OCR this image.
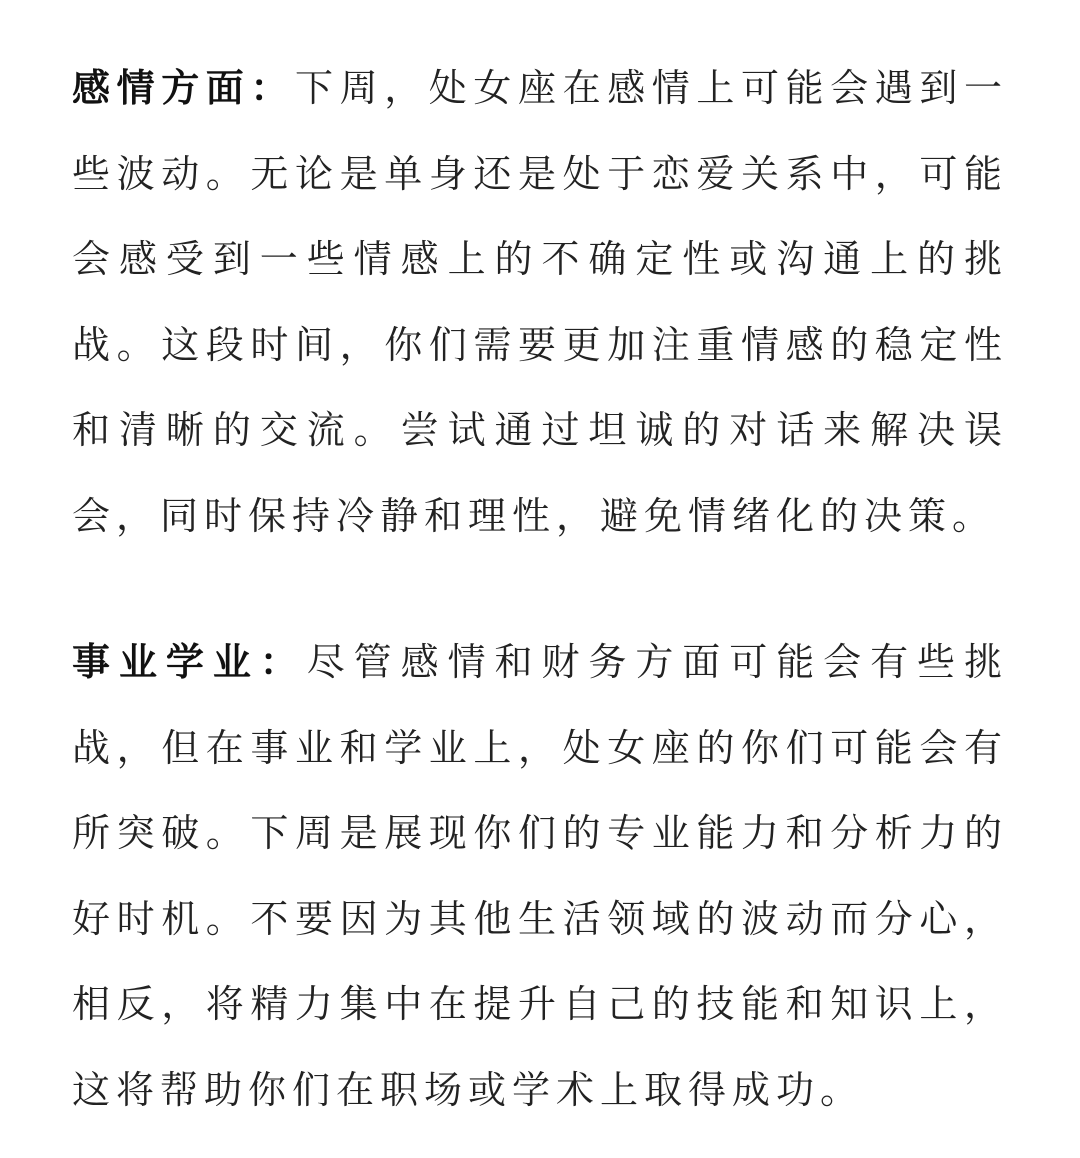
感情方面：下周，处女座在感情上可能会遇到一些波动。无论是单身还是处于恋爱关系中，可能会感受到一些情感上的不确定性或沟通上的挑战。这段时间，你们需要更加注重情感的稳定性和清晰的交流。尝试通过坦诚的对话来解决误会，同时保持冷静和理性，避免情绪化的决策。

事业学业：尽管感情和财务方面可能会有些挑战，但在事业和学业上，处女座的你们可能会有所突破。下周是展现你们的专业能力和分析力的好时机。不要因为其他生活领域的波动而分心，相反，将精力集中在提升自己的技能和知识上，这将帮助你们在职场或学术上取得成功。
